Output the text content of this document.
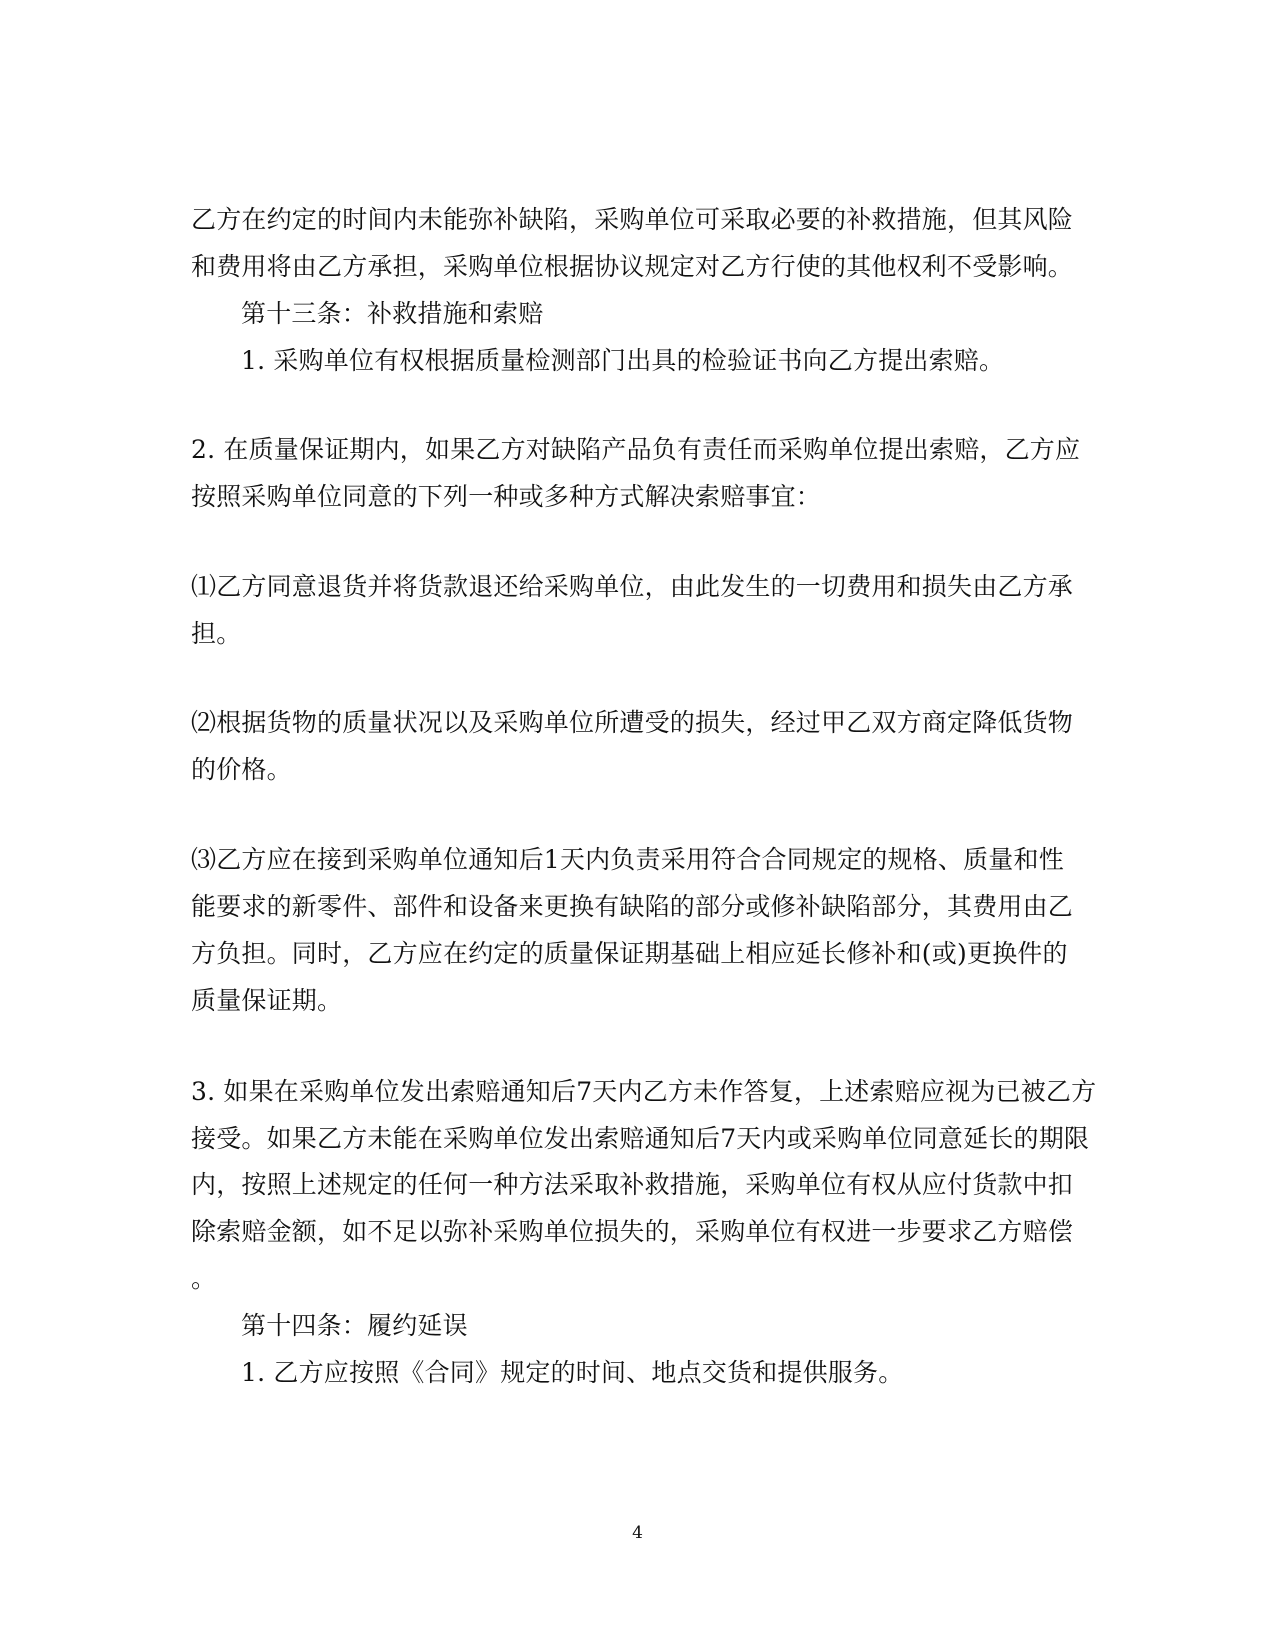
乙方在约定的时间内未能弥补缺陷，采购单位可采取必要的补救措施，但其风险
和费用将由乙方承担，采购单位根据协议规定对乙方行使的其他权利不受影响。
第十三条：补救措施和索赔
1. 采购单位有权根据质量检测部门出具的检验证书向乙方提出索赔。
2. 在质量保证期内，如果乙方对缺陷产品负有责任而采购单位提出索赔，乙方应
按照采购单位同意的下列一种或多种方式解决索赔事宜：
⑴乙方同意退货并将货款退还给采购单位，由此发生的一切费用和损失由乙方承
担。
⑵根据货物的质量状况以及采购单位所遭受的损失，经过甲乙双方商定降低货物
的价格。
⑶乙方应在接到采购单位通知后1天内负责采用符合合同规定的规格、质量和性
能要求的新零件、部件和设备来更换有缺陷的部分或修补缺陷部分，其费用由乙
方负担。同时，乙方应在约定的质量保证期基础上相应延长修补和(或)更换件的
质量保证期。
3. 如果在采购单位发出索赔通知后7天内乙方未作答复，上述索赔应视为已被乙方
接受。如果乙方未能在采购单位发出索赔通知后7天内或采购单位同意延长的期限
内，按照上述规定的任何一种方法采取补救措施，采购单位有权从应付货款中扣
除索赔金额，如不足以弥补采购单位损失的，采购单位有权进一步要求乙方赔偿
。
第十四条：履约延误
1. 乙方应按照《合同》规定的时间、地点交货和提供服务。
4
